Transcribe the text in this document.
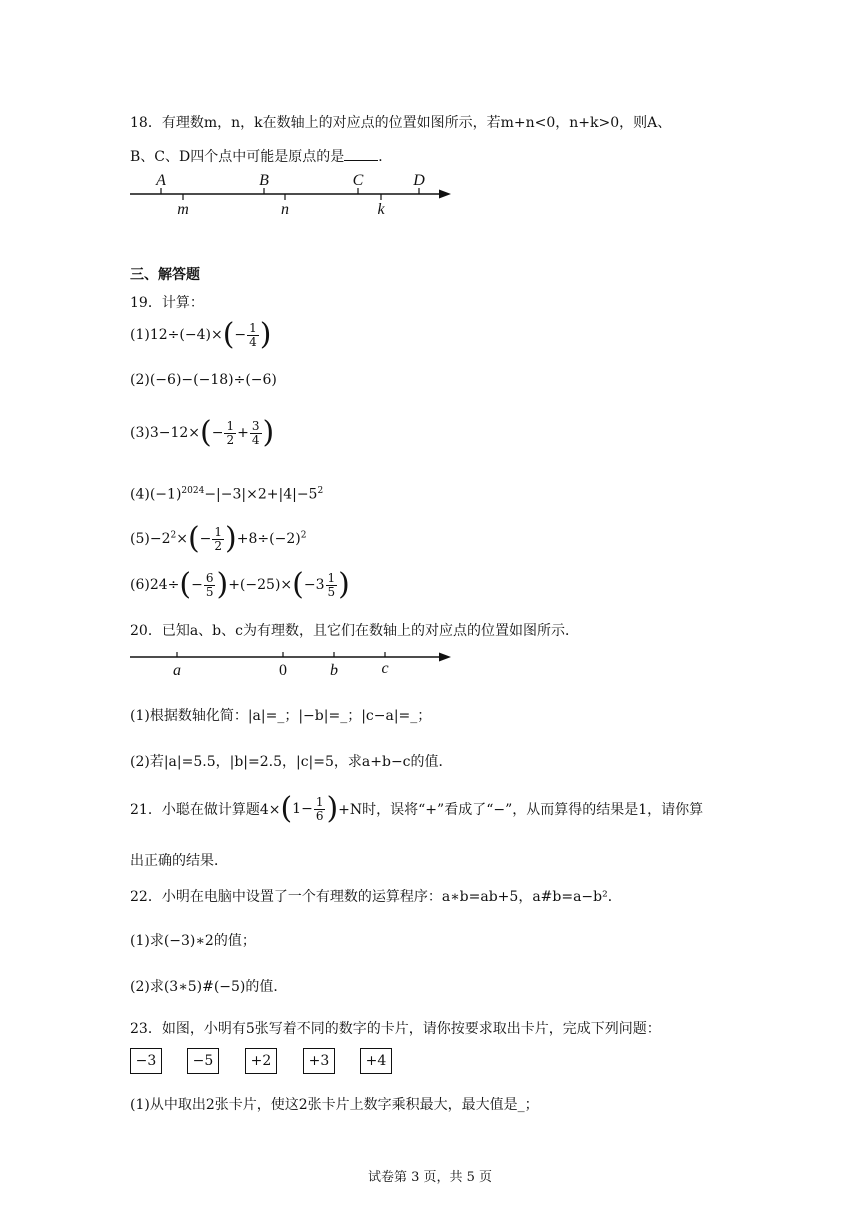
18．有理数m，n，k在数轴上的对应点的位置如图所示，若m+n<0，n+k>0，则A、
B、C、D四个点中可能是原点的是 ．
A	B	C	D
m	n	k
三、解答题
19．计算：
$(1)12\div(-4)\times(- \frac{1}{4}$ )
(2)(−6)−(−18)÷(−6)
$(3)3-12\times(- \frac{1}{2} + \frac{3}{4}$ )
$(4)(-1)^{2024}-|-3|\times 2+|4|-5^2$
$(5)-2^2\times(- \frac{1}{2} )+8\div(-2)^2$
$(6)24\div(- \frac{6}{5} )+(-25)\times(-3 \frac{1}{5}$ )
20．已知a、b、c为有理数，且它们在数轴上的对应点的位置如图所示．
a	0	b	c
(1)根据数轴化简：|a|=_；|−b|=_；|c−a|=_；
(2)若|a|=5.5，|b|=2.5，|c|=5，求a+b−c的值．
21．小聪在做计算题$4\times(1- \frac{1}{6} )+N$时，误将“+”看成了“−”，从而算得的结果是1，请你算
出正确的结果．
22．小明在电脑中设置了一个有理数的运算程序：a∗b=ab+5，a#b=a−b²．
(1)求(−3)∗2的值；
(2)求(3∗5)#(−5)的值．
23．如图，小明有5张写着不同的数字的卡片，请你按要求取出卡片，完成下列问题：
−3	−5	+2	+3	+4
(1)从中取出2张卡片，使这2张卡片上数字乘积最大，最大值是_；
试卷第 3 页，共 5 页
